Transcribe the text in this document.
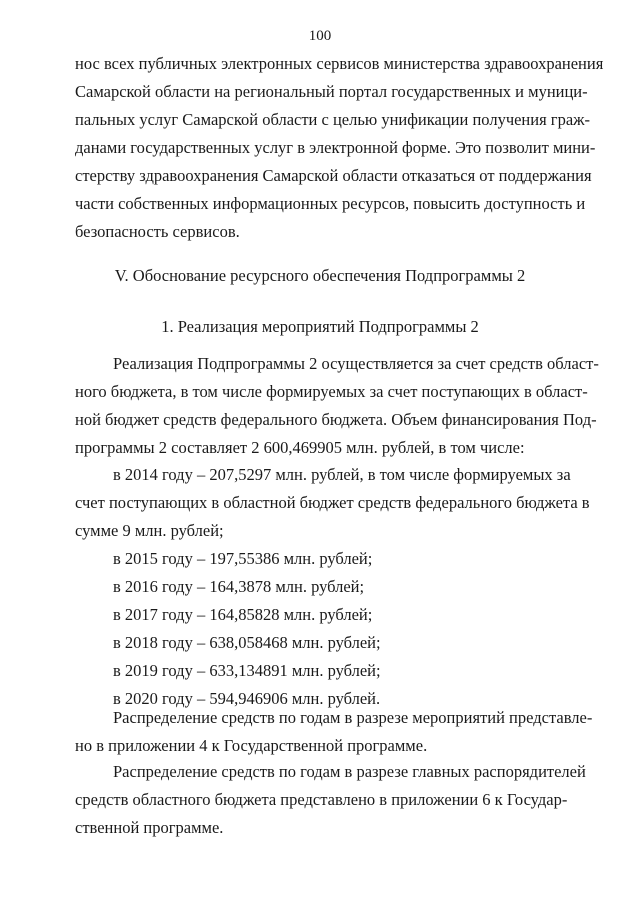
100
нос всех публичных электронных сервисов министерства здравоохранения
Самарской области на региональный портал государственных и муници-
пальных услуг Самарской области с целью унификации получения граж-
данами государственных услуг в электронной форме. Это позволит мини-
стерству здравоохранения Самарской области отказаться от поддержания
части собственных информационных ресурсов, повысить доступность и
безопасность сервисов.
V. Обоснование ресурсного обеспечения Подпрограммы 2
1. Реализация мероприятий Подпрограммы 2
Реализация Подпрограммы 2 осуществляется за счет средств област-
ного бюджета, в том числе формируемых за счет поступающих в област-
ной бюджет средств федерального бюджета. Объем финансирования Под-
программы 2 составляет 2 600,469905 млн. рублей, в том числе:
в 2014 году – 207,5297 млн. рублей, в том числе формируемых за
счет поступающих в областной бюджет средств федерального бюджета в
сумме 9 млн. рублей;
в 2015 году – 197,55386 млн. рублей;
в 2016 году – 164,3878 млн. рублей;
в 2017 году – 164,85828 млн. рублей;
в 2018 году – 638,058468 млн. рублей;
в 2019 году – 633,134891 млн. рублей;
в 2020 году – 594,946906 млн. рублей.
Распределение средств по годам в разрезе мероприятий представле-
но в приложении 4 к Государственной программе.
Распределение средств по годам в разрезе главных распорядителей
средств областного бюджета представлено в приложении 6 к Государ-
ственной программе.
